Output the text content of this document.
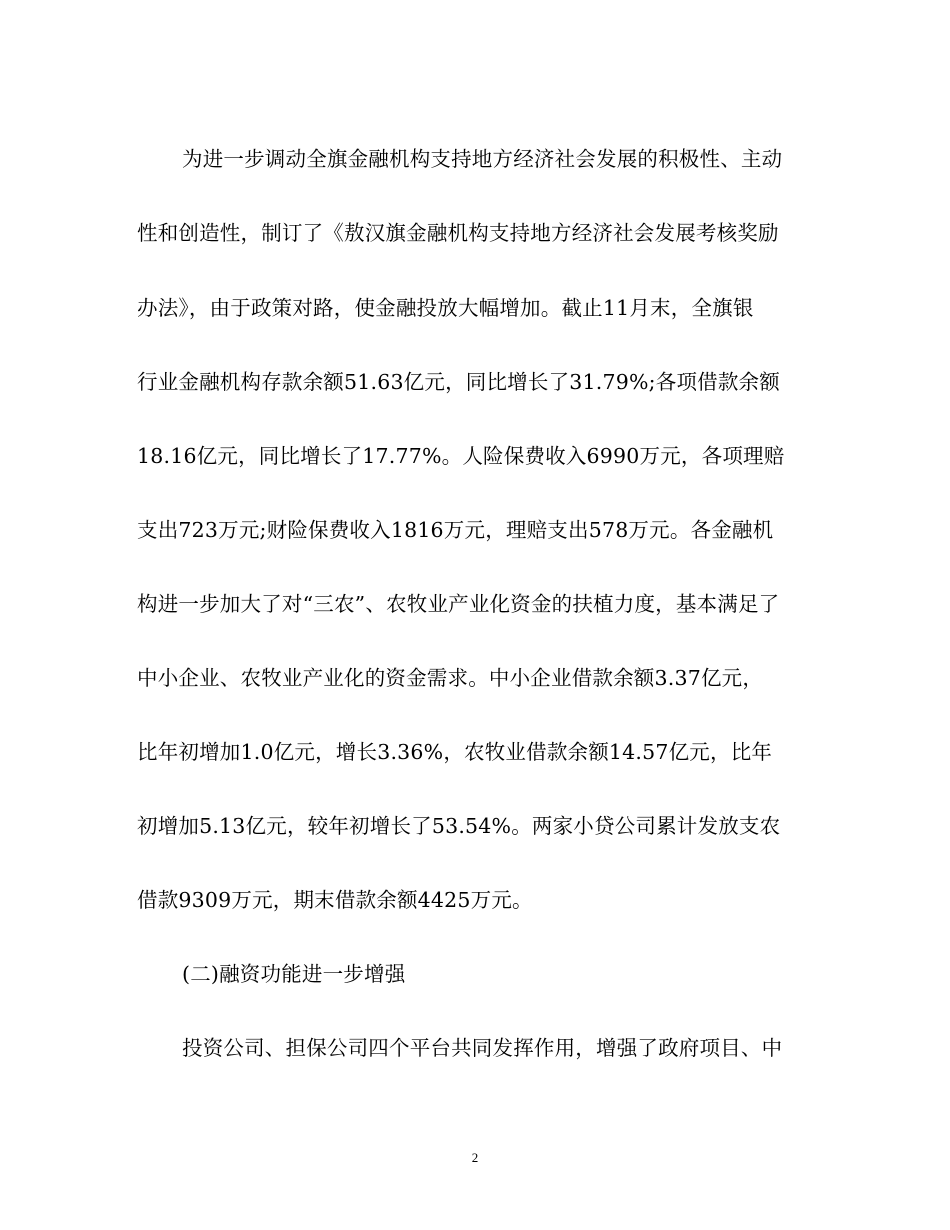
为进一步调动全旗金融机构支持地方经济社会发展的积极性、主动
性和创造性，制订了《敖汉旗金融机构支持地方经济社会发展考核奖励
办法》，由于政策对路，使金融投放大幅增加。截止11月末，全旗银
行业金融机构存款余额51.63亿元，同比增长了31.79%;各项借款余额
18.16亿元，同比增长了17.77%。人险保费收入6990万元，各项理赔
支出723万元;财险保费收入1816万元，理赔支出578万元。各金融机
构进一步加大了对“三农”、农牧业产业化资金的扶植力度，基本满足了
中小企业、农牧业产业化的资金需求。中小企业借款余额3.37亿元，
比年初增加1.0亿元，增长3.36%，农牧业借款余额14.57亿元，比年
初增加5.13亿元，较年初增长了53.54%。两家小贷公司累计发放支农
借款9309万元，期末借款余额4425万元。
(二)融资功能进一步增强
投资公司、担保公司四个平台共同发挥作用，增强了政府项目、中
2
